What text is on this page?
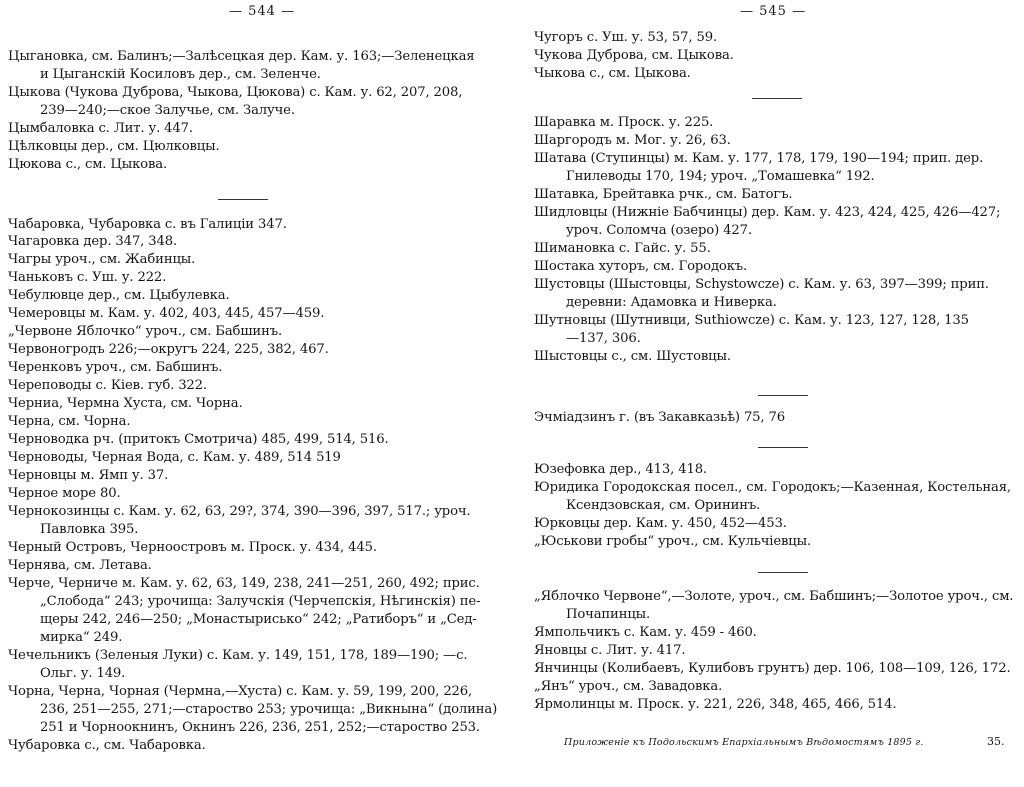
— 544 —
Цыгановка, см. Балинъ;—Залѣсецкая дер. Кам. у. 163;—Зеленецкая
и Цыганскій Косиловъ дер., см. Зеленче.
Цыкова (Чукова Дуброва, Чыкова, Цюкова) с. Кам. у. 62, 207, 208,
239—240;—ское Залучье, см. Залуче.
Цымбаловка с. Лит. у. 447.
Цѣлковцы дер., см. Цюлковцы.
Цюкова с., см. Цыкова.
Чабаровка, Чубаровка с. въ Галиціи 347.
Чагаровка дер. 347, 348.
Чагры уроч., см. Жабинцы.
Чаньковъ с. Уш. у. 222.
Чебулювце дер., см. Цыбулевка.
Чемеровцы м. Кам. у. 402, 403, 445, 457—459.
„Червоне Яблочко“ уроч., см. Бабшинъ.
Червоногродъ 226;—округъ 224, 225, 382, 467.
Черенковъ уроч., см. Бабшинъ.
Череповоды с. Кіев. губ. 322.
Черниа, Чермна Хуста, см. Чорна.
Черна, см. Чорна.
Черноводка рч. (притокъ Смотрича) 485, 499, 514, 516.
Черноводы, Черная Вода, с. Кам. у. 489, 514 519
Черновцы м. Ямп у. 37.
Черное море 80.
Чернокозинцы с. Кам. у. 62, 63, 29?, 374, 390—396, 397, 517.; уроч.
Павловка 395.
Черный Островъ, Черноостровъ м. Проск. у. 434, 445.
Чернява, см. Летава.
Черче, Черниче м. Кам. у. 62, 63, 149, 238, 241—251, 260, 492; прис.
„Слобода“ 243; урочища: Залучскія (Черчепскія, Нѣгинскія) пе-
щеры 242, 246—250; „Монастырисько“ 242; „Ратиборъ“ и „Сед-
мирка“ 249.
Чечельникъ (Зеленыя Луки) с. Кам. у. 149, 151, 178, 189—190; —с.
Ольг. у. 149.
Чорна, Черна, Чорная (Чермна,—Хуста) с. Кам. у. 59, 199, 200, 226,
236, 251—255, 271;—староство 253; урочища: „Викнына“ (долина)
251 и Чорноокнинъ, Окнинъ 226, 236, 251, 252;—староство 253.
Чубаровка с., см. Чабаровка.
— 545 —
Чугоръ с. Уш. у. 53, 57, 59.
Чукова Дуброва, см. Цыкова.
Чыкова с., см. Цыкова.
Шаравка м. Проск. у. 225.
Шаргородъ м. Мог. у. 26, 63.
Шатава (Ступинцы) м. Кам. у. 177, 178, 179, 190—194; прип. дер.
Гнилеводы 170, 194; уроч. „Томашевка“ 192.
Шатавка, Брейтавка рчк., см. Батогъ.
Шидловцы (Нижніе Бабчинцы) дер. Кам. у. 423, 424, 425, 426—427;
уроч. Соломча (озеро) 427.
Шимановка с. Гайс. у. 55.
Шостака хуторъ, см. Городокъ.
Шустовцы (Шыстовцы, Schystowcze) с. Кам. у. 63, 397—399; прип.
деревни: Адамовка и Ниверка.
Шутновцы (Шутнивци, Suthiowcze) с. Кам. у. 123, 127, 128, 135
—137, 306.
Шыстовцы с., см. Шустовцы.
Эчміадзинъ г. (въ Закавказьѣ) 75, 76
Юзефовка дер., 413, 418.
Юридика Городокская посел., см. Городокъ;—Казенная, Костельная,
Ксендзовская, см. Орининъ.
Юрковцы дер. Кам. у. 450, 452—453.
„Юськови гробы“ уроч., см. Кульчіевцы.
„Яблочко Червоне“,—Золоте, уроч., см. Бабшинъ;—Золотое уроч., см.
Почапинцы.
Ямпольчикъ с. Кам. у. 459 - 460.
Яновцы с. Лит. у. 417.
Янчинцы (Колибаевъ, Кулибовъ грунтъ) дер. 106, 108—109, 126, 172.
„Янъ“ уроч., см. Завадовка.
Ярмолинцы м. Проск. у. 221, 226, 348, 465, 466, 514.
Приложеніе къ Подольскимъ Епархіальнымъ Вѣдомостямъ 1895 г.	35.
